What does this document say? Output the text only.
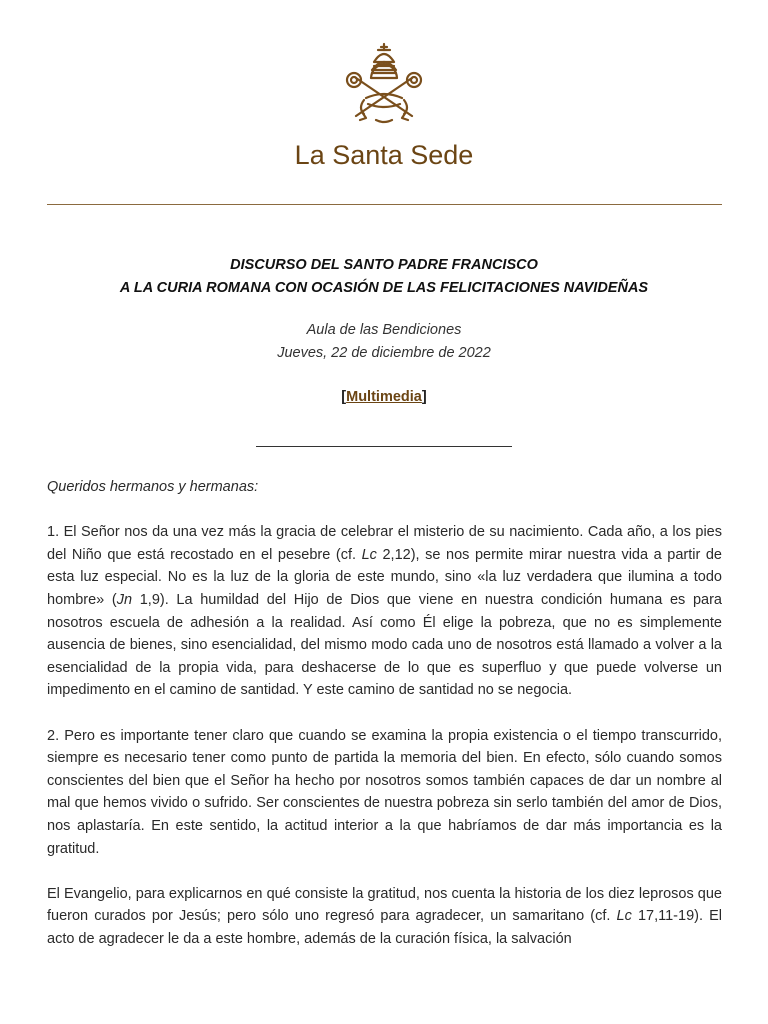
La Santa Sede
DISCURSO DEL SANTO PADRE FRANCISCO
A LA CURIA ROMANA CON OCASIÓN DE LAS FELICITACIONES NAVIDEÑAS
Aula de las Bendiciones
Jueves, 22 de diciembre de 2022
[Multimedia]

Queridos hermanos y hermanas:

1. El Señor nos da una vez más la gracia de celebrar el misterio de su nacimiento. Cada año, a los pies del Niño que está recostado en el pesebre (cf. Lc 2,12), se nos permite mirar nuestra vida a partir de esta luz especial. No es la luz de la gloria de este mundo, sino «la luz verdadera que ilumina a todo hombre» (Jn 1,9). La humildad del Hijo de Dios que viene en nuestra condición humana es para nosotros escuela de adhesión a la realidad. Así como Él elige la pobreza, que no es simplemente ausencia de bienes, sino esencialidad, del mismo modo cada uno de nosotros está llamado a volver a la esencialidad de la propia vida, para deshacerse de lo que es superfluo y que puede volverse un impedimento en el camino de santidad. Y este camino de santidad no se negocia.

2. Pero es importante tener claro que cuando se examina la propia existencia o el tiempo transcurrido, siempre es necesario tener como punto de partida la memoria del bien. En efecto, sólo cuando somos conscientes del bien que el Señor ha hecho por nosotros somos también capaces de dar un nombre al mal que hemos vivido o sufrido. Ser conscientes de nuestra pobreza sin serlo también del amor de Dios, nos aplastaría. En este sentido, la actitud interior a la que habríamos de dar más importancia es la gratitud.

El Evangelio, para explicarnos en qué consiste la gratitud, nos cuenta la historia de los diez leprosos que fueron curados por Jesús; pero sólo uno regresó para agradecer, un samaritano (cf. Lc 17,11-19). El acto de agradecer le da a este hombre, además de la curación física, la salvación
